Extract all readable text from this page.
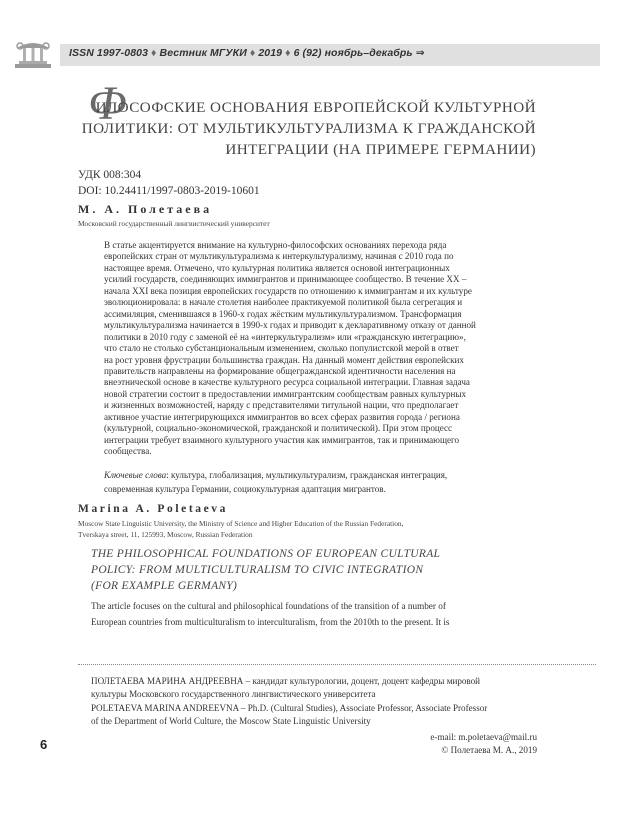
ISSN 1997-0803 ♦ Вестник МГУКИ ♦ 2019 ♦ 6 (92) ноябрь–декабрь ⇒
Ф
ИЛОСОФСКИЕ ОСНОВАНИЯ ЕВРОПЕЙСКОЙ КУЛЬТУРНОЙ
ПОЛИТИКИ: ОТ МУЛЬТИКУЛЬТУРАЛИЗМА К ГРАЖДАНСКОЙ
ИНТЕГРАЦИИ (НА ПРИМЕРЕ ГЕРМАНИИ)
УДК 008:304
DOI: 10.24411/1997-0803-2019-10601
М. А. Полетаева
Московский государственный лингвистический университет
В статье акцентируется внимание на культурно-философских основаниях перехода ряда
европейских стран от мультикультурализма к интеркультурализму, начиная с 2010 года по
настоящее время. Отмечено, что культурная политика является основой интеграционных
усилий государств, соединяющих иммигрантов и принимающее сообщество. В течение XX –
начала XXI века позиция европейских государств по отношению к иммигрантам и их культуре
эволюционировала: в начале столетия наиболее практикуемой политикой была сегрегация и
ассимиляция, сменившаяся в 1960-х годах жёстким мультикультурализмом. Трансформация
мультикультурализма начинается в 1990-х годах и приводит к декларативному отказу от данной
политики в 2010 году с заменой её на «интеркультурализм» или «гражданскую интеграцию»,
что стало не столько субстанциональным изменением, сколько популистской мерой в ответ
на рост уровня фрустрации большинства граждан. На данный момент действия европейских
правительств направлены на формирование общегражданской идентичности населения на
внеэтнической основе в качестве культурного ресурса социальной интеграции. Главная задача
новой стратегии состоит в предоставлении иммигрантским сообществам равных культурных
и жизненных возможностей, наряду с представителями титульной нации, что предполагает
активное участие интегрирующихся иммигрантов во всех сферах развития города / региона
(культурной, социально-экономической, гражданской и политической). При этом процесс
интеграции требует взаимного культурного участия как иммигрантов, так и принимающего
сообщества.
Ключевые слова: культура, глобализация, мультикультурализм, гражданская интеграция,
современная культура Германии, социокультурная адаптация мигрантов.
Marina A. Poletaeva
Moscow State Linguistic University, the Ministry of Science and Higher Education of the Russian Federation,
Tverskaya street, 11, 125993, Moscow, Russian Federation
THE PHILOSOPHICAL FOUNDATIONS OF EUROPEAN CULTURAL
POLICY: FROM MULTICULTURALISM TO CIVIC INTEGRATION
(FOR EXAMPLE GERMANY)
The article focuses on the cultural and philosophical foundations of the transition of a number of
European countries from multiculturalism to interculturalism, from the 2010th to the present. It is
ПОЛЕТАЕВА МАРИНА АНДРЕЕВНА – кандидат культурологии, доцент, доцент кафедры мировой
культуры Московского государственного лингвистического университета
POLETAEVA MARINA ANDREEVNA – Ph.D. (Cultural Studies), Associate Professor, Associate Professor
of the Department of World Culture, the Moscow State Linguistic University
6	e-mail: m.poletaeva@mail.ru
© Полетаева М. А., 2019
